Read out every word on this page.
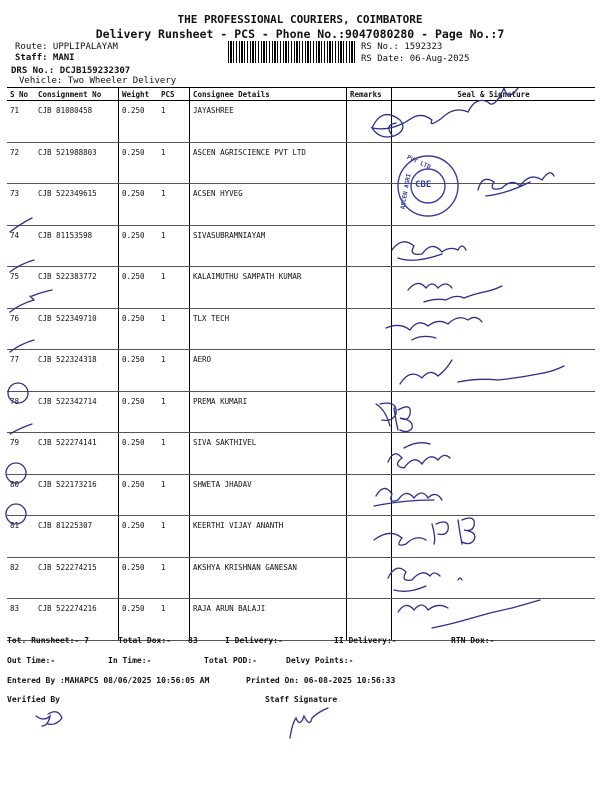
THE PROFESSIONAL COURIERS, COIMBATORE
Delivery Runsheet - PCS - Phone No.:9047080280 - Page No.:7
Route: UPPLIPALAYAM
Staff: MANI
DRS No.: DCJB159232307
Vehicle: Two Wheeler Delivery
RS No.: 1592323
RS Date: 06-Aug-2025
S No	Consignment No	Weight	PCS	Consignee Details	Remarks	Seal & Signature
71	CJB 81080458	0.250	1	JAYASHREE		
72	CJB 521988803	0.250	1	ASCEN AGRISCIENCE PVT LTD		
73	CJB 522349615	0.250	1	ACSEN HYVEG		
74	CJB 81153598	0.250	1	SIVASUBRAMNIAYAM		
75	CJB 522383772	0.250	1	KALAIMUTHU SAMPATH KUMAR		
76	CJB 522349710	0.250	1	TLX TECH		
77	CJB 522324318	0.250	1	AERO		
78	CJB 522342714	0.250	1	PREMA KUMARI		
79	CJB 522274141	0.250	1	SIVA SAKTHIVEL		
80	CJB 522173216	0.250	1	SHWETA JHADAV		
81	CJB 81225307	0.250	1	KEERTHI VIJAY ANANTH		
82	CJB 522274215	0.250	1	AKSHYA KRISHNAN GANESAN		
83	CJB 522274216	0.250	1	RAJA ARUN BALAJI		
Tot. Runsheet:- 7	Total Dox:- 83	I Delivery:-	II Delivery:-	RTN Dox:-
Out Time:-	In Time:-	Total POD:-	Delvy Points:-
Entered By :MAHAPCS 08/06/2025 10:56:05 AM	Printed On: 06-08-2025 10:56:33
Verified By	Staff Signature
CBE
PVT LTD
ASCEN AGRI
